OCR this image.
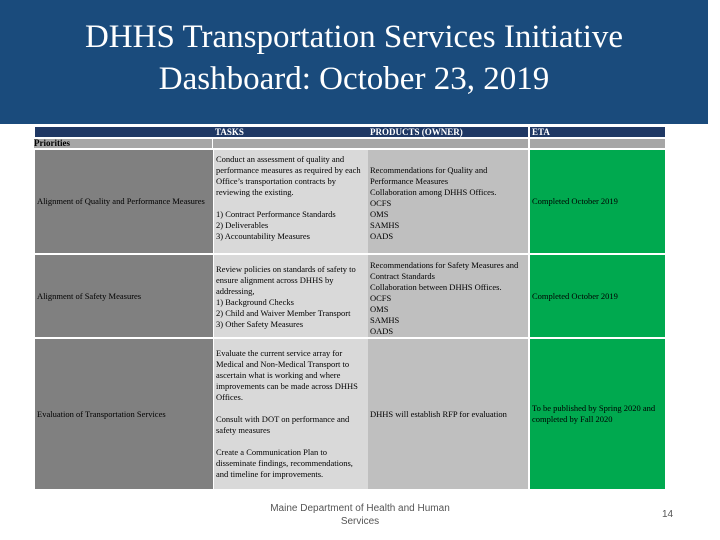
DHHS Transportation Services Initiative
Dashboard: October 23, 2019
TASKS	PRODUCTS (OWNER)	ETA
Priorities
Alignment of Quality and Performance Measures

Conduct an assessment of quality and performance measures as required by each Office’s transportation contracts by reviewing the existing.

1) Contract Performance Standards

2) Deliverables

3) Accountability Measures

Recommendations for Quality and Performance Measures

Collaboration among DHHS Offices.

OCFS

OMS

SAMHS

OADS

Completed October 2019
Alignment of Safety Measures

Review policies on standards of safety to ensure alignment across DHHS by addressing,

1) Background Checks

2) Child and Waiver Member Transport

3) Other Safety Measures

Recommendations for Safety Measures and Contract Standards

Collaboration between DHHS Offices.

OCFS

OMS

SAMHS

OADS

Completed October 2019
Evaluation of Transportation Services

Evaluate the current service array for Medical and Non-Medical Transport to ascertain what is working and where improvements can be made across DHHS Offices.

Consult with DOT on performance and safety measures

Create a Communication Plan to disseminate findings, recommendations, and timeline for improvements.

DHHS will establish RFP for evaluation

To be published by Spring 2020 and completed by Fall 2020
Maine Department of Health and Human Services
14
